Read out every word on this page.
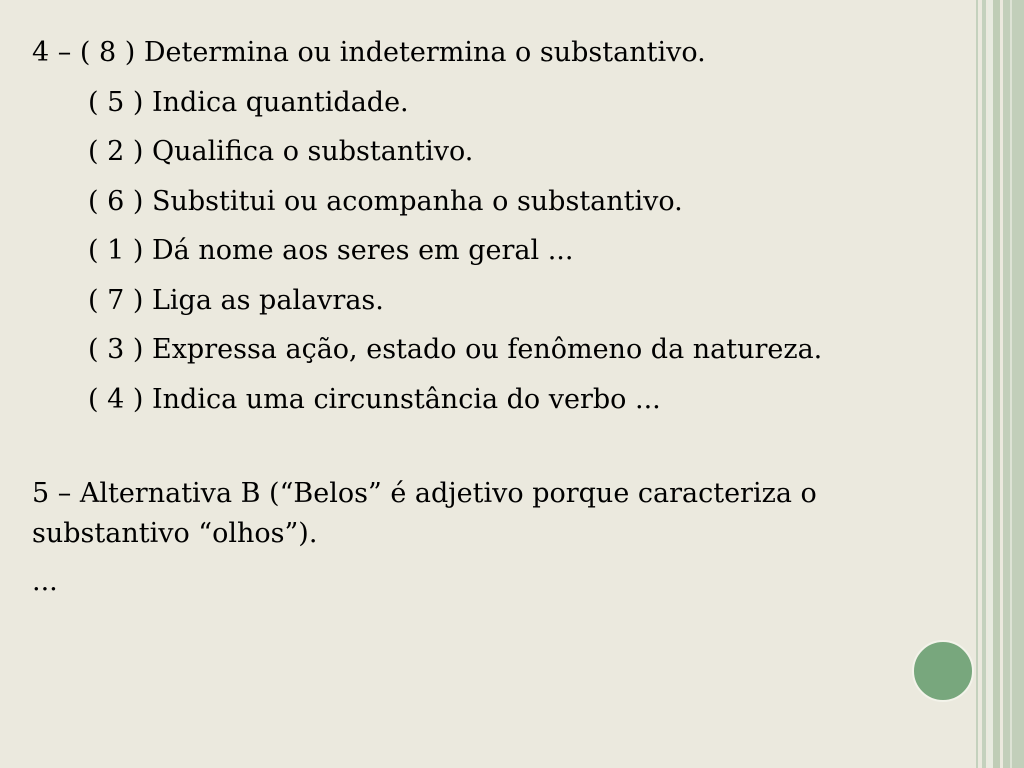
4 – ( 8 ) Determina ou indetermina o substantivo.
( 5 ) Indica quantidade.
( 2 ) Qualifica o substantivo.
( 6 ) Substitui ou acompanha o substantivo.
( 1 ) Dá nome aos seres em geral ...
( 7 ) Liga as palavras.
( 3 ) Expressa ação, estado ou fenômeno da natureza.
( 4 ) Indica uma circunstância do verbo ...
5 – Alternativa B (“Belos” é adjetivo porque caracteriza o
substantivo “olhos”).
...
